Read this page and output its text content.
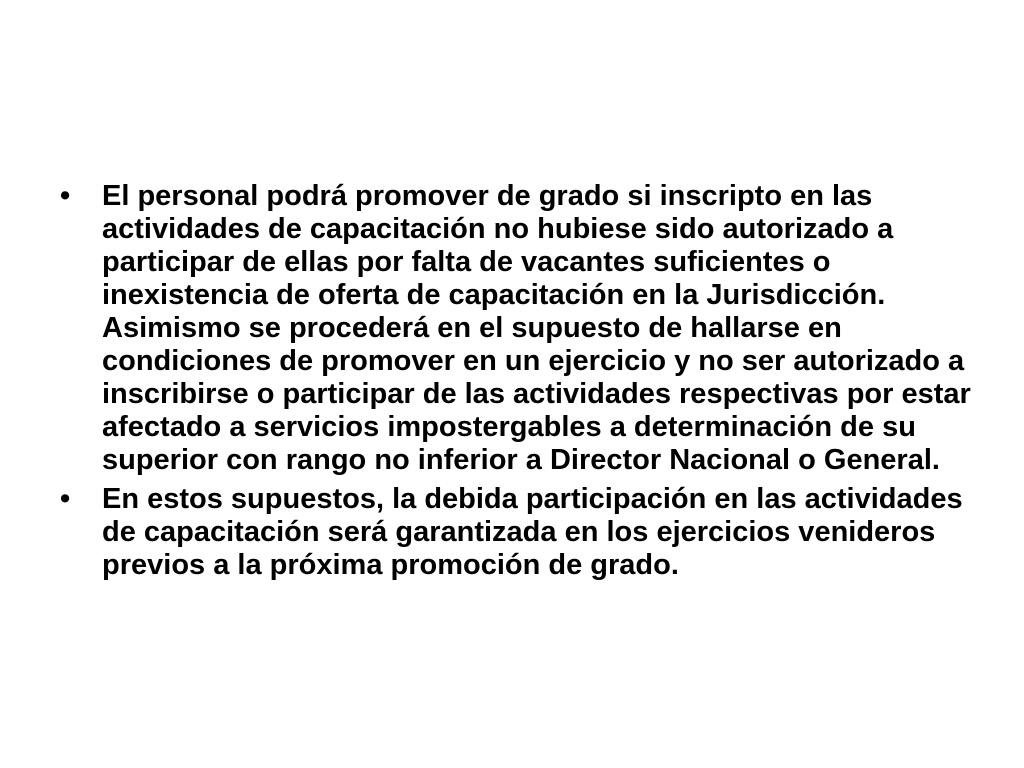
•	El personal podrá promover de grado si inscripto en las actividades de capacitación no hubiese sido autorizado a participar de ellas por falta de vacantes suficientes o inexistencia de oferta de capacitación en la Jurisdicción. Asimismo se procederá en el supuesto de hallarse en condiciones de promover en un ejercicio y no ser autorizado a inscribirse o participar de las actividades respectivas por estar afectado a servicios impostergables a determinación de su superior con rango no inferior a Director Nacional o General.
•	En estos supuestos, la debida participación en las actividades de capacitación será garantizada en los ejercicios venideros previos a la próxima promoción de grado.
